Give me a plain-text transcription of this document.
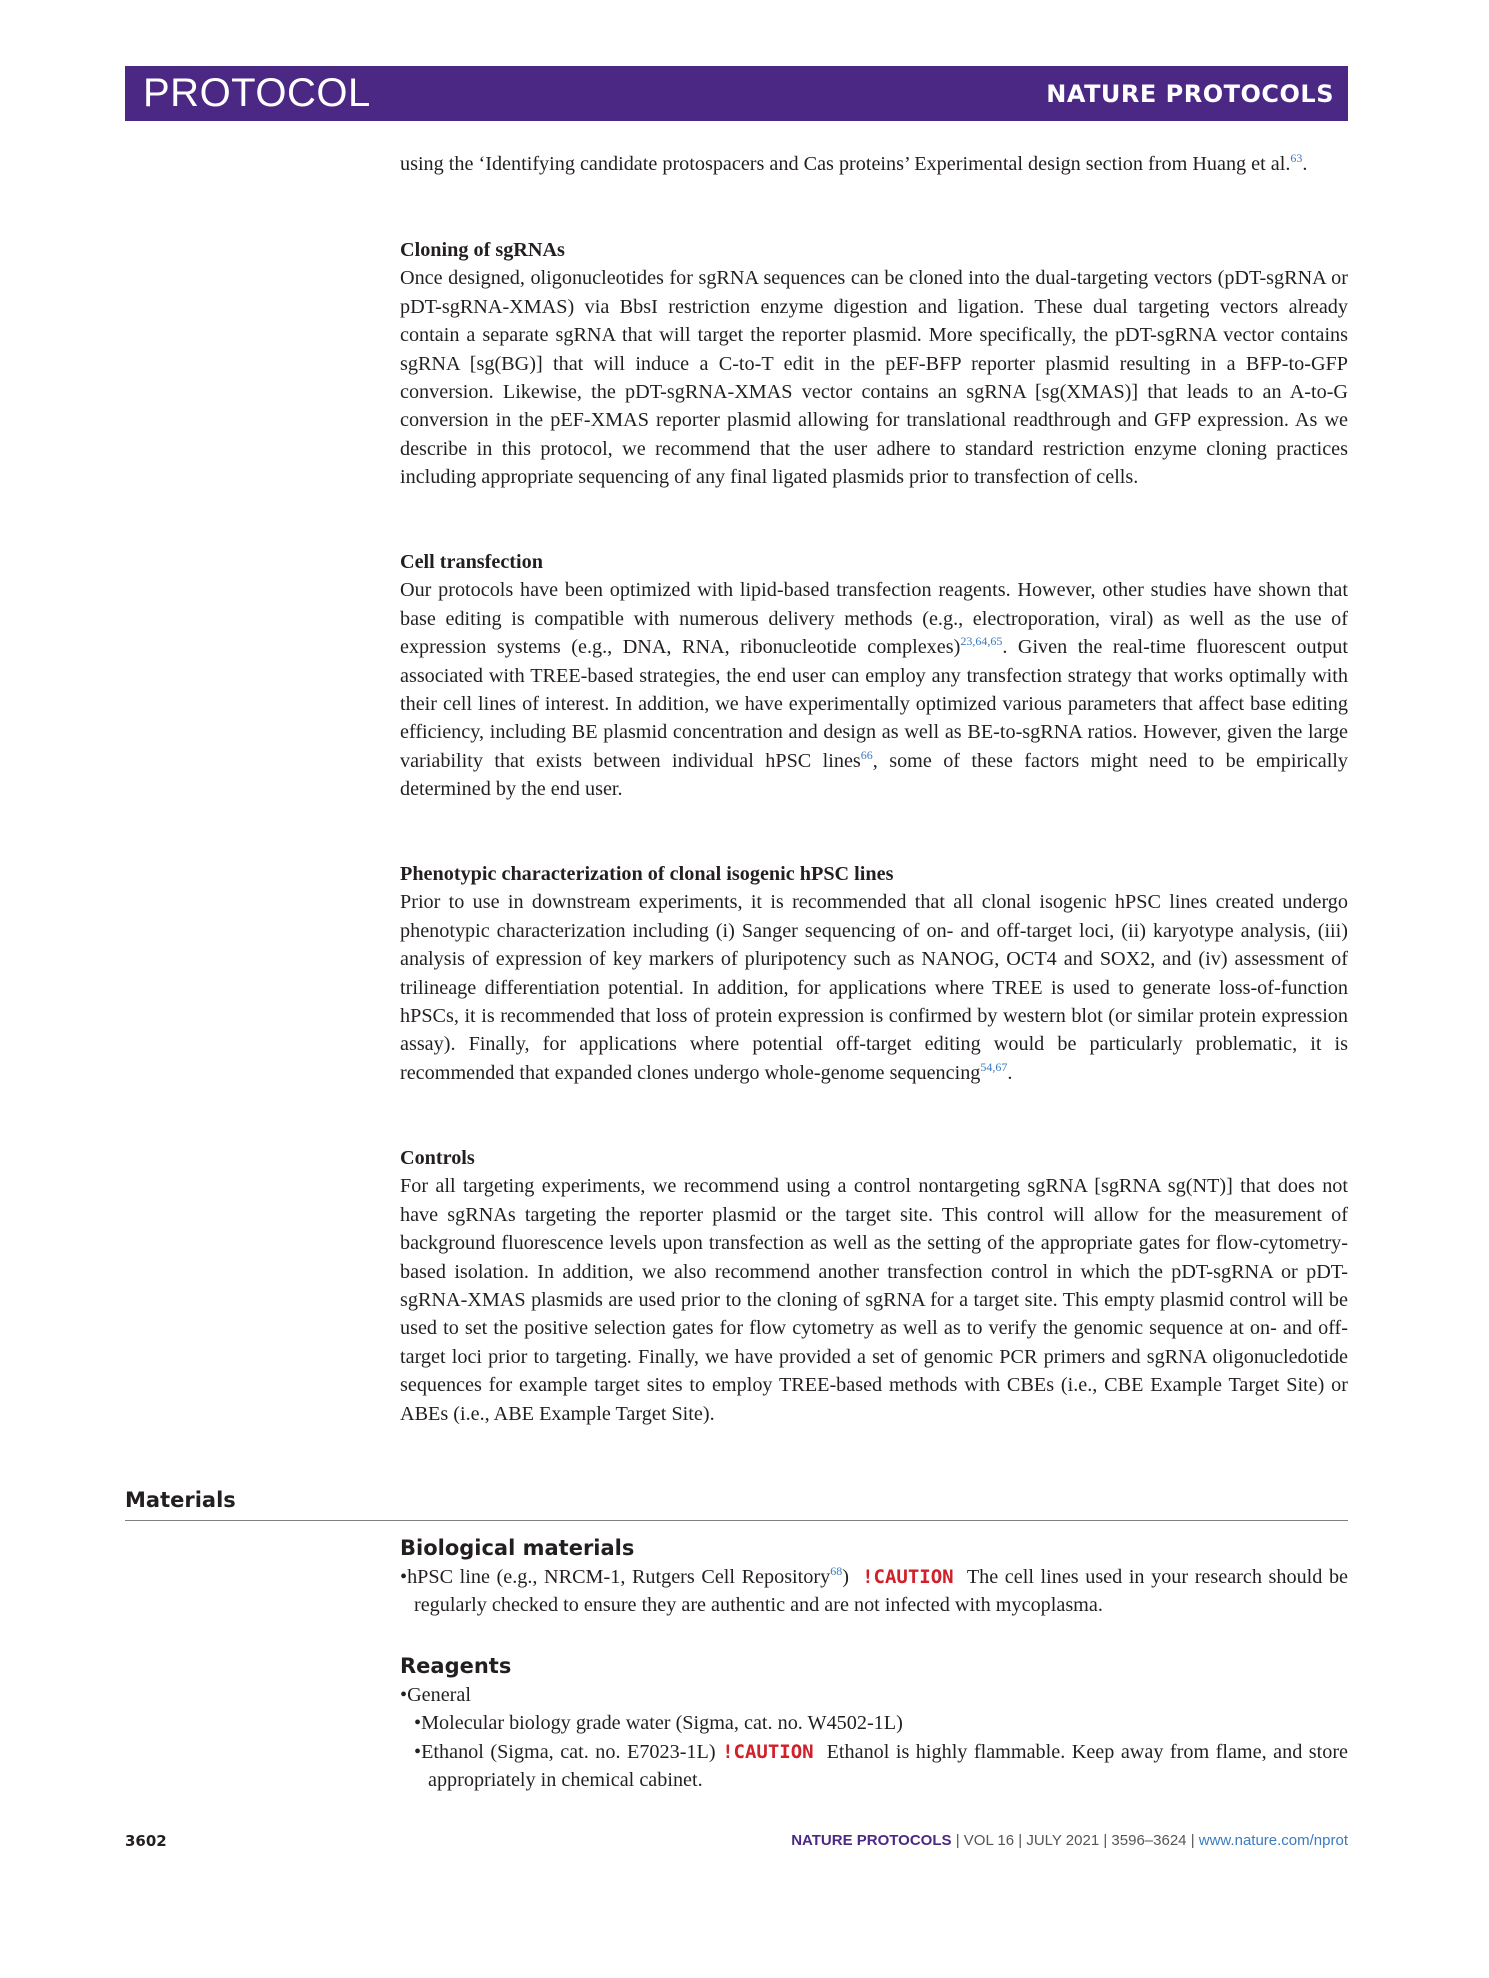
PROTOCOL	NATURE PROTOCOLS

using the ‘Identifying candidate protospacers and Cas proteins’ Experimental design section from Huang et al.$^{63}$.

Cloning of sgRNAs

Once designed, oligonucleotides for sgRNA sequences can be cloned into the dual-targeting vectors (pDT-sgRNA or pDT-sgRNA-XMAS) via BbsI restriction enzyme digestion and ligation. These dual targeting vectors already contain a separate sgRNA that will target the reporter plasmid. More specifically, the pDT-sgRNA vector contains sgRNA [sg(BG)] that will induce a C-to-T edit in the pEF-BFP reporter plasmid resulting in a BFP-to-GFP conversion. Likewise, the pDT-sgRNA-XMAS vector contains an sgRNA [sg(XMAS)] that leads to an A-to-G conversion in the pEF-XMAS reporter plasmid allowing for translational readthrough and GFP expression. As we describe in this protocol, we recommend that the user adhere to standard restriction enzyme cloning practices including appropriate sequencing of any final ligated plasmids prior to transfection of cells.

Cell transfection

Our protocols have been optimized with lipid-based transfection reagents. However, other studies have shown that base editing is compatible with numerous delivery methods (e.g., electroporation, viral) as well as the use of expression systems (e.g., DNA, RNA, ribonucleotide complexes)$^{23,64,65}$. Given the real-time fluorescent output associated with TREE-based strategies, the end user can employ any transfection strategy that works optimally with their cell lines of interest. In addition, we have experimentally optimized various parameters that affect base editing efficiency, including BE plasmid concentration and design as well as BE-to-sgRNA ratios. However, given the large variability that exists between individual hPSC lines$^{66}$, some of these factors might need to be empirically determined by the end user.

Phenotypic characterization of clonal isogenic hPSC lines

Prior to use in downstream experiments, it is recommended that all clonal isogenic hPSC lines created undergo phenotypic characterization including (i) Sanger sequencing of on- and off-target loci, (ii) karyotype analysis, (iii) analysis of expression of key markers of pluripotency such as NANOG, OCT4 and SOX2, and (iv) assessment of trilineage differentiation potential. In addition, for applications where TREE is used to generate loss-of-function hPSCs, it is recommended that loss of protein expression is confirmed by western blot (or similar protein expression assay). Finally, for applications where potential off-target editing would be particularly problematic, it is recommended that expanded clones undergo whole-genome sequencing$^{54,67}$.

Controls

For all targeting experiments, we recommend using a control nontargeting sgRNA [sgRNA sg(NT)] that does not have sgRNAs targeting the reporter plasmid or the target site. This control will allow for the measurement of background fluorescence levels upon transfection as well as the setting of the appropriate gates for flow-cytometry-based isolation. In addition, we also recommend another transfection control in which the pDT-sgRNA or pDT-sgRNA-XMAS plasmids are used prior to the cloning of sgRNA for a target site. This empty plasmid control will be used to set the positive selection gates for flow cytometry as well as to verify the genomic sequence at on- and off-target loci prior to targeting. Finally, we have provided a set of genomic PCR primers and sgRNA oligonucledotide sequences for example target sites to employ TREE-based methods with CBEs (i.e., CBE Example Target Site) or ABEs (i.e., ABE Example Target Site).

Materials

Biological materials

•hPSC line (e.g., NRCM-1, Rutgers Cell Repository$^{68}$) !CAUTION The cell lines used in your research should be regularly checked to ensure they are authentic and are not infected with mycoplasma.

Reagents

•General

•Molecular biology grade water (Sigma, cat. no. W4502-1L)

•Ethanol (Sigma, cat. no. E7023-1L) !CAUTION Ethanol is highly flammable. Keep away from flame, and store appropriately in chemical cabinet.

3602	NATURE PROTOCOLS | VOL 16 | JULY 2021 | 3596–3624 | www.nature.com/nprot
